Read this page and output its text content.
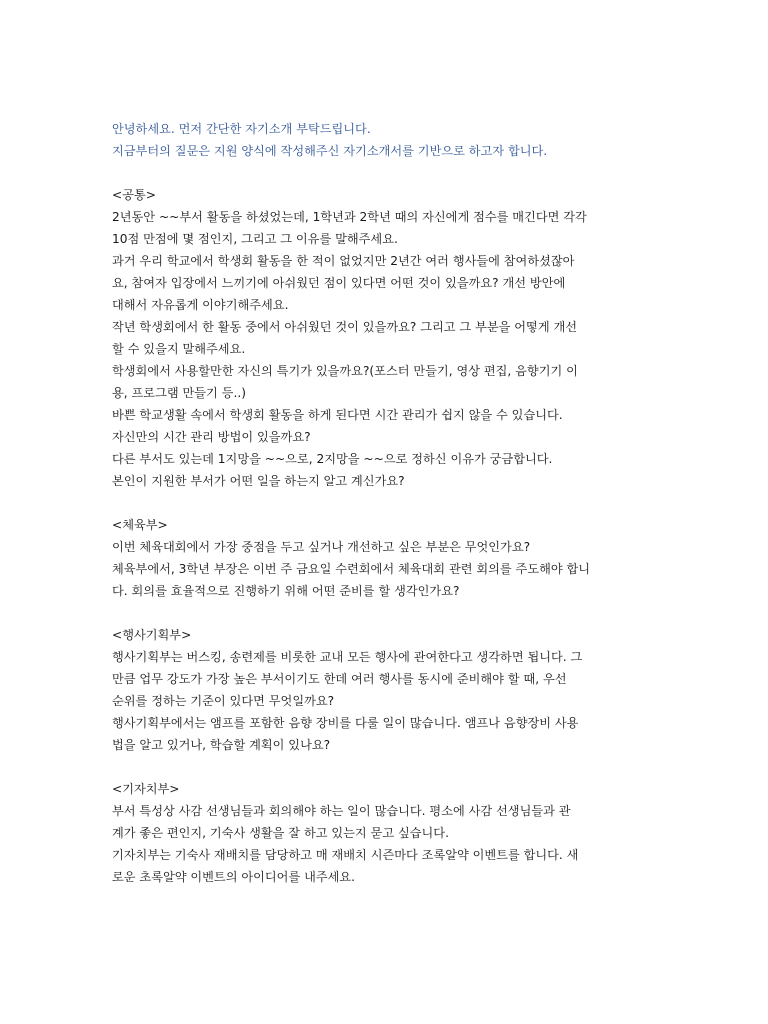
안녕하세요. 먼저 간단한 자기소개 부탁드립니다.
지금부터의 질문은 지원 양식에 작성해주신 자기소개서를 기반으로 하고자 합니다.
<공통>
2년동안 ~~부서 활동을 하셨었는데, 1학년과 2학년 때의 자신에게 점수를 매긴다면 각각
10점 만점에 몇 점인지, 그리고 그 이유를 말해주세요.
과거 우리 학교에서 학생회 활동을 한 적이 없었지만 2년간 여러 행사들에 참여하셨잖아
요, 참여자 입장에서 느끼기에 아쉬웠던 점이 있다면 어떤 것이 있을까요? 개선 방안에
대해서 자유롭게 이야기해주세요.
작년 학생회에서 한 활동 중에서 아쉬웠던 것이 있을까요? 그리고 그 부분을 어떻게 개선
할 수 있을지 말해주세요.
학생회에서 사용할만한 자신의 특기가 있을까요?(포스터 만들기, 영상 편집, 음향기기 이
용, 프로그램 만들기 등..)
바쁜 학교생활 속에서 학생회 활동을 하게 된다면 시간 관리가 쉽지 않을 수 있습니다.
자신만의 시간 관리 방법이 있을까요?
다른 부서도 있는데 1지망을 ~~으로, 2지망을 ~~으로 정하신 이유가 궁금합니다.
본인이 지원한 부서가 어떤 일을 하는지 알고 계신가요?
<체육부>
이번 체육대회에서 가장 중점을 두고 싶거나 개선하고 싶은 부분은 무엇인가요?
체육부에서, 3학년 부장은 이번 주 금요일 수련회에서 체육대회 관련 회의를 주도해야 합니
다. 회의를 효율적으로 진행하기 위해 어떤 준비를 할 생각인가요?
<행사기획부>
행사기획부는 버스킹, 송련제를 비롯한 교내 모든 행사에 관여한다고 생각하면 됩니다. 그
만큼 업무 강도가 가장 높은 부서이기도 한데 여러 행사를 동시에 준비해야 할 때, 우선
순위를 정하는 기준이 있다면 무엇일까요?
행사기획부에서는 앰프를 포함한 음향 장비를 다룰 일이 많습니다. 앰프나 음향장비 사용
법을 알고 있거나, 학습할 계획이 있나요?
<기자치부>
부서 특성상 사감 선생님들과 회의해야 하는 일이 많습니다. 평소에 사감 선생님들과 관
계가 좋은 편인지, 기숙사 생활을 잘 하고 있는지 묻고 싶습니다.
기자치부는 기숙사 재배치를 담당하고 매 재배치 시즌마다 조록알약 이벤트를 합니다. 새
로운 초록알약 이벤트의 아이디어를 내주세요.
